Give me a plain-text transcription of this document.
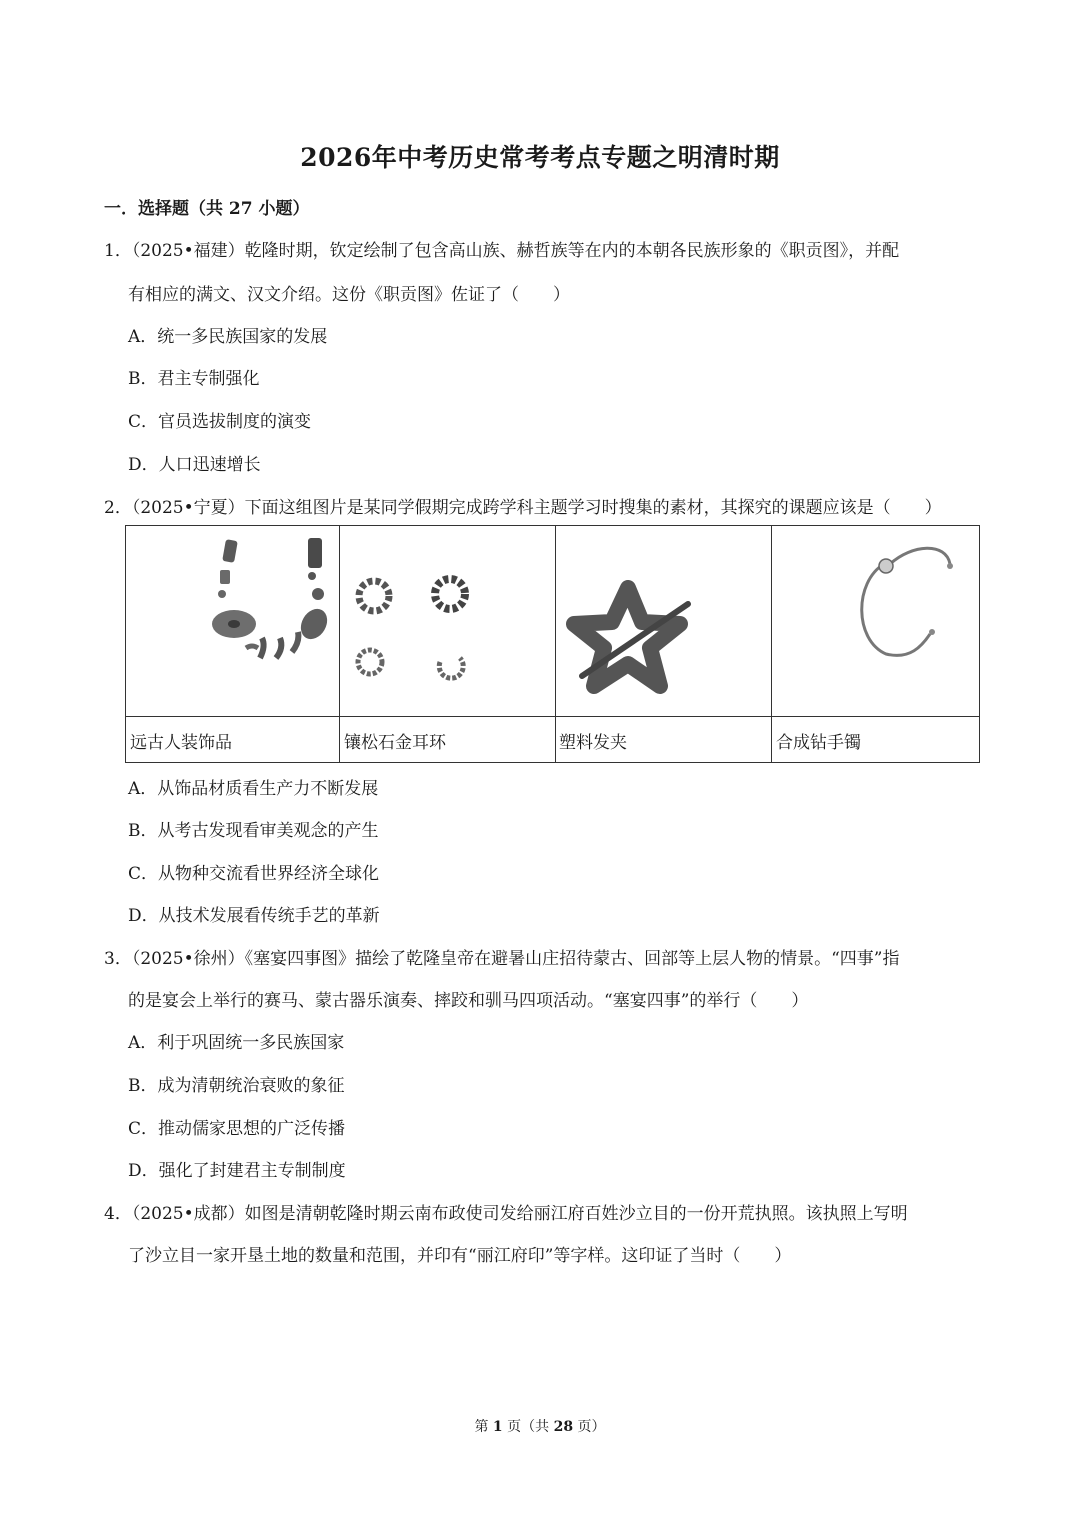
2026年中考历史常考考点专题之明清时期
一．选择题（共 27 小题）
1．（2025•福建）乾隆时期，钦定绘制了包含高山族、赫哲族等在内的本朝各民族形象的《职贡图》，并配
有相应的满文、汉文介绍。这份《职贡图》佐证了（　　）
A．统一多民族国家的发展
B．君主专制强化
C．官员选拔制度的演变
D．人口迅速增长
2．（2025•宁夏）下面这组图片是某同学假期完成跨学科主题学习时搜集的素材，其探究的课题应该是（　　）
远古人装饰品	镶松石金耳环	塑料发夹	合成钻手镯
A．从饰品材质看生产力不断发展
B．从考古发现看审美观念的产生
C．从物种交流看世界经济全球化
D．从技术发展看传统手艺的革新
3．（2025•徐州）《塞宴四事图》描绘了乾隆皇帝在避暑山庄招待蒙古、回部等上层人物的情景。“四事”指
的是宴会上举行的赛马、蒙古器乐演奏、摔跤和驯马四项活动。“塞宴四事”的举行（　　）
A．利于巩固统一多民族国家
B．成为清朝统治衰败的象征
C．推动儒家思想的广泛传播
D．强化了封建君主专制制度
4．（2025•成都）如图是清朝乾隆时期云南布政使司发给丽江府百姓沙立目的一份开荒执照。该执照上写明
了沙立目一家开垦土地的数量和范围，并印有“丽江府印”等字样。这印证了当时（　　）
第 1 页（共 28 页）
